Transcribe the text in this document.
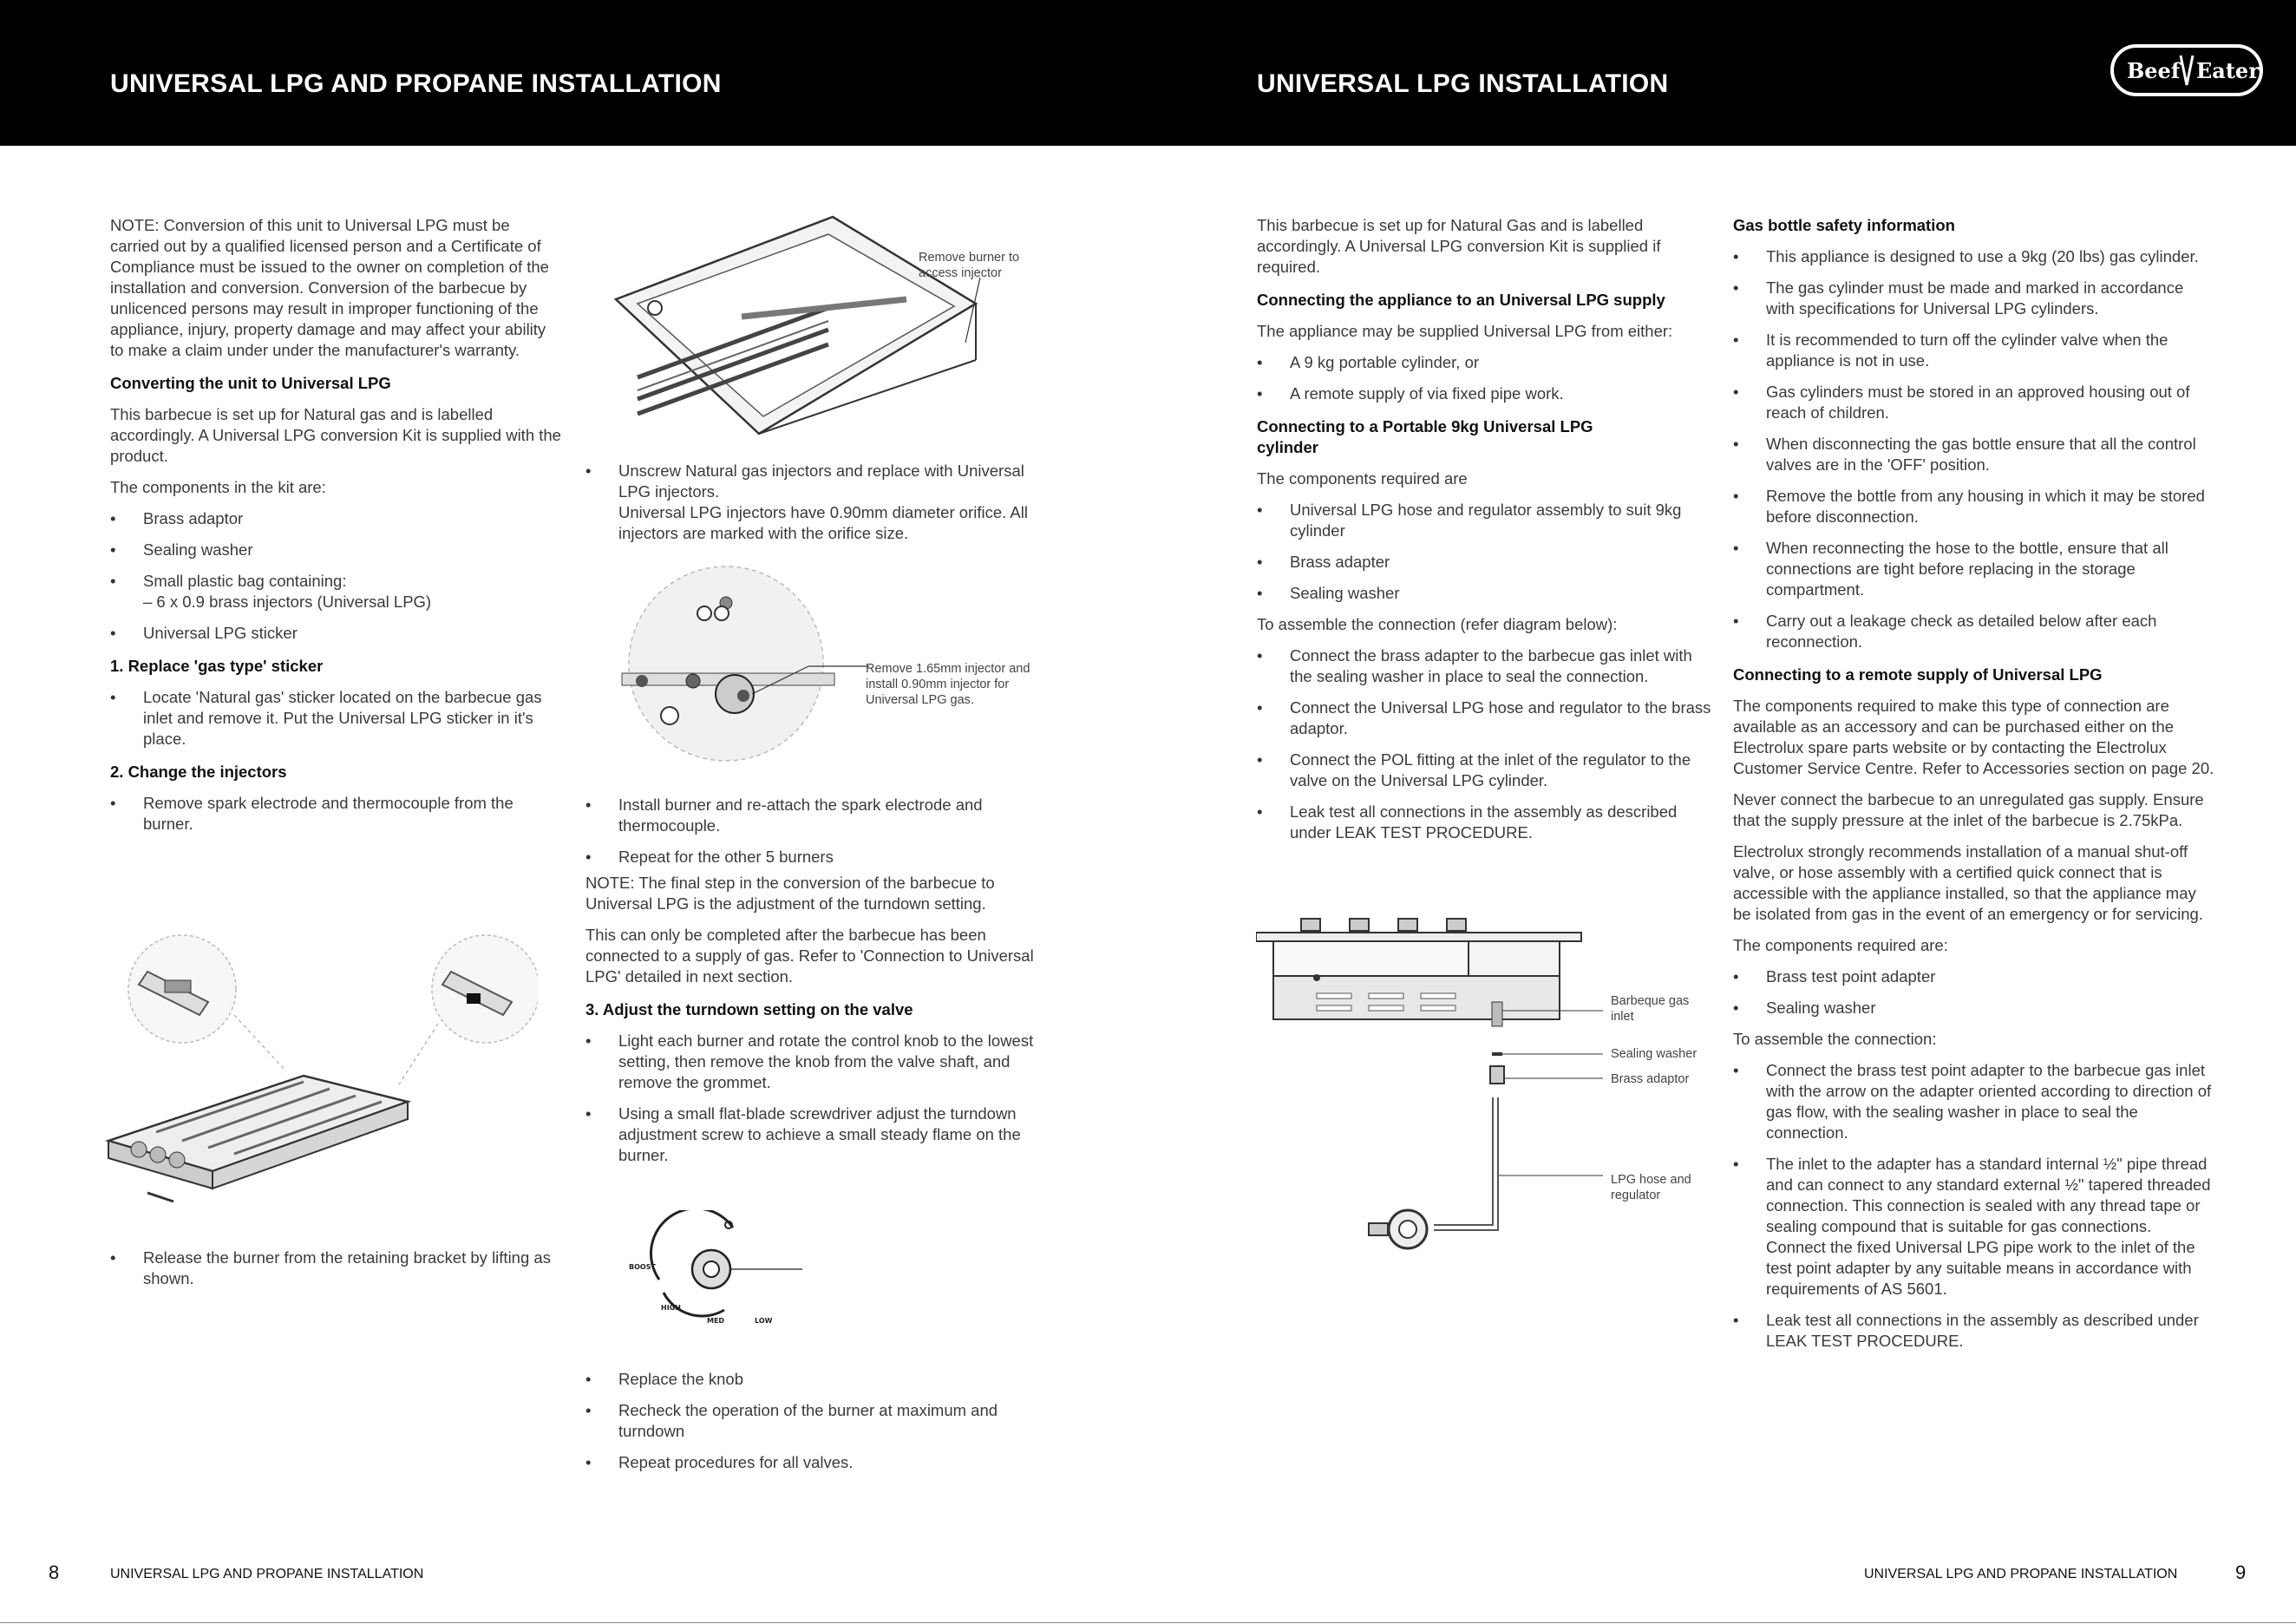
UNIVERSAL LPG AND PROPANE INSTALLATION	UNIVERSAL LPG INSTALLATION	Beef Eater

NOTE: Conversion of this unit to Universal LPG must be carried out by a qualified licensed person and a Certificate of Compliance must be issued to the owner on completion of the installation and conversion. Conversion of the barbecue by unlicenced persons may result in improper functioning of the appliance, injury, property damage and may affect your ability to make a claim under under the manufacturer's warranty.

Converting the unit to Universal LPG

This barbecue is set up for Natural gas and is labelled accordingly. A Universal LPG conversion Kit is supplied with the product.

The components in the kit are:

• Brass adaptor
• Sealing washer
• Small plastic bag containing:
– 6 x 0.9 brass injectors (Universal LPG)
• Universal LPG sticker
1. Replace 'gas type' sticker
• Locate 'Natural gas' sticker located on the barbecue gas inlet and remove it. Put the Universal LPG sticker in it's place.
2. Change the injectors
• Remove spark electrode and thermocouple from the burner.
• Release the burner from the retaining bracket by lifting as shown.
Remove burner to access injector
• Unscrew Natural gas injectors and replace with Universal LPG injectors.
Universal LPG injectors have 0.90mm diameter orifice. All injectors are marked with the orifice size.
Remove 1.65mm injector and install 0.90mm injector for Universal LPG gas.
• Install burner and re-attach the spark electrode and thermocouple.
• Repeat for the other 5 burners

NOTE: The final step in the conversion of the barbecue to Universal LPG is the adjustment of the turndown setting.

This can only be completed after the barbecue has been connected to a supply of gas. Refer to 'Connection to Universal LPG' detailed in next section.

3. Adjust the turndown setting on the valve
• Light each burner and rotate the control knob to the lowest setting, then remove the knob from the valve shaft, and remove the grommet.
• Using a small flat-blade screwdriver adjust the turndown adjustment screw to achieve a small steady flame on the burner.
BOOST
HIGH
MED	LOW
• Replace the knob
• Recheck the operation of the burner at maximum and turndown
• Repeat procedures for all valves.

This barbecue is set up for Natural Gas and is labelled accordingly. A Universal LPG conversion Kit is supplied if required.

Connecting the appliance to an Universal LPG supply

The appliance may be supplied Universal LPG from either:

• A 9 kg portable cylinder, or
• A remote supply of via fixed pipe work.
Connecting to a Portable 9kg Universal LPG cylinder

The components required are

• Universal LPG hose and regulator assembly to suit 9kg cylinder
• Brass adapter
• Sealing washer

To assemble the connection (refer diagram below):

• Connect the brass adapter to the barbecue gas inlet with the sealing washer in place to seal the connection.
• Connect the Universal LPG hose and regulator to the brass adaptor.
• Connect the POL fitting at the inlet of the regulator to the valve on the Universal LPG cylinder.
• Leak test all connections in the assembly as described under LEAK TEST PROCEDURE.
Barbeque gas inlet
Sealing washer
Brass adaptor
LPG hose and regulator
Gas bottle safety information
• This appliance is designed to use a 9kg (20 lbs) gas cylinder.
• The gas cylinder must be made and marked in accordance with specifications for Universal LPG cylinders.
• It is recommended to turn off the cylinder valve when the appliance is not in use.
• Gas cylinders must be stored in an approved housing out of reach of children.
• When disconnecting the gas bottle ensure that all the control valves are in the 'OFF' position.
• Remove the bottle from any housing in which it may be stored before disconnection.
• When reconnecting the hose to the bottle, ensure that all connections are tight before replacing in the storage compartment.
• Carry out a leakage check as detailed below after each reconnection.
Connecting to a remote supply of Universal LPG

The components required to make this type of connection are available as an accessory and can be purchased either on the Electrolux spare parts website or by contacting the Electrolux Customer Service Centre. Refer to Accessories section on page 20.

Never connect the barbecue to an unregulated gas supply. Ensure that the supply pressure at the inlet of the barbecue is 2.75kPa.

Electrolux strongly recommends installation of a manual shut-off valve, or hose assembly with a certified quick connect that is accessible with the appliance installed, so that the appliance may be isolated from gas in the event of an emergency or for servicing.

The components required are:

• Brass test point adapter
• Sealing washer

To assemble the connection:

• Connect the brass test point adapter to the barbecue gas inlet with the arrow on the adapter oriented according to direction of gas flow, with the sealing washer in place to seal the connection.
• The inlet to the adapter has a standard internal ½" pipe thread and can connect to any standard external ½" tapered threaded connection. This connection is sealed with any thread tape or sealing compound that is suitable for gas connections. Connect the fixed Universal LPG pipe work to the inlet of the test point adapter by any suitable means in accordance with requirements of AS 5601.
• Leak test all connections in the assembly as described under LEAK TEST PROCEDURE.
8	UNIVERSAL LPG AND PROPANE INSTALLATION	UNIVERSAL LPG AND PROPANE INSTALLATION	9
